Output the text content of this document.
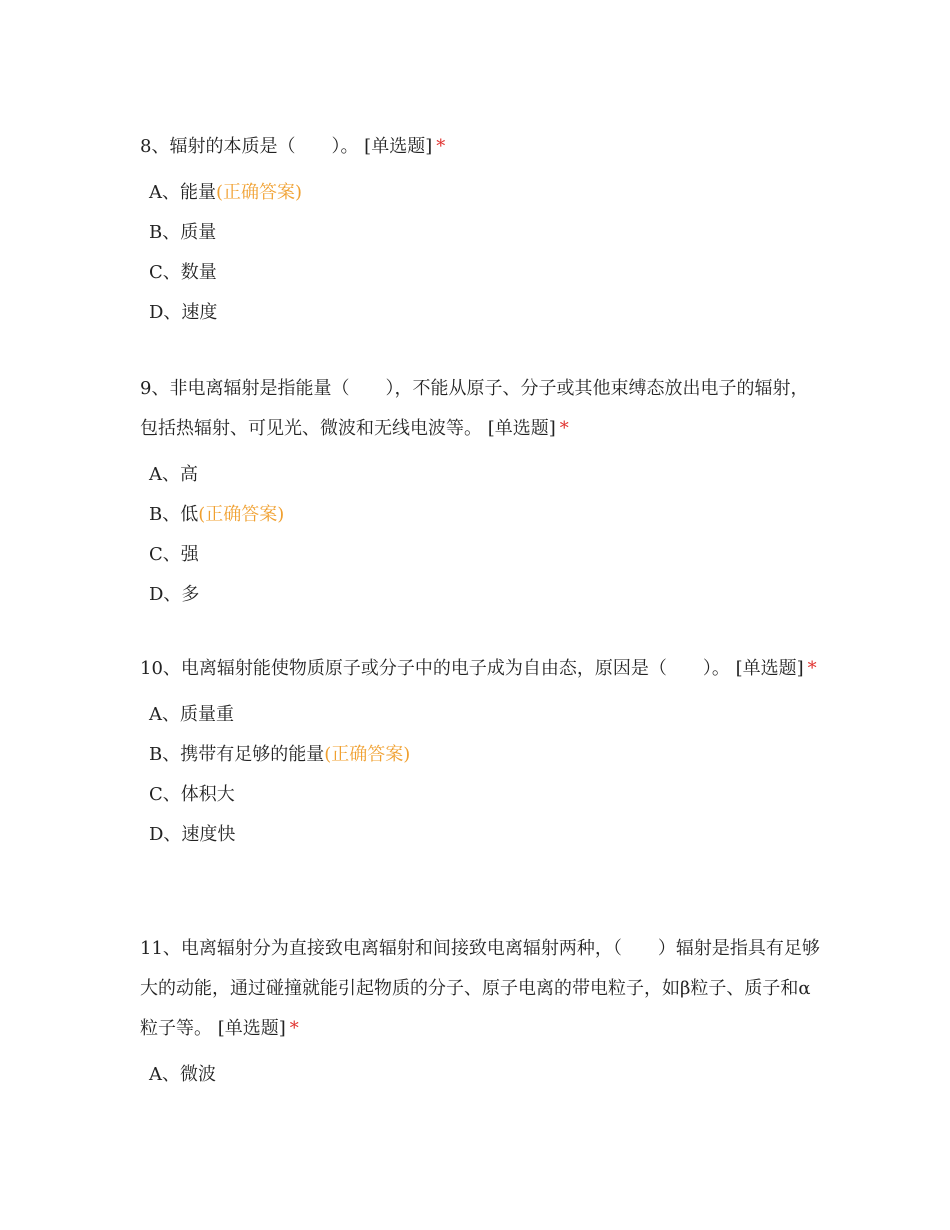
8、辐射的本质是（　　）。 [单选题] *

A、能量(正确答案)
B、质量
C、数量
D、速度

9、非电离辐射是指能量（　　），不能从原子、分子或其他束缚态放出电子的辐射，包括热辐射、可见光、微波和无线电波等。 [单选题] *

A、高
B、低(正确答案)
C、强
D、多

10、电离辐射能使物质原子或分子中的电子成为自由态，原因是（　　）。 [单选题] *

A、质量重
B、携带有足够的能量(正确答案)
C、体积大
D、速度快

11、电离辐射分为直接致电离辐射和间接致电离辐射两种，（　　）辐射是指具有足够大的动能，通过碰撞就能引起物质的分子、原子电离的带电粒子，如β粒子、质子和α粒子等。 [单选题] *

A、微波
